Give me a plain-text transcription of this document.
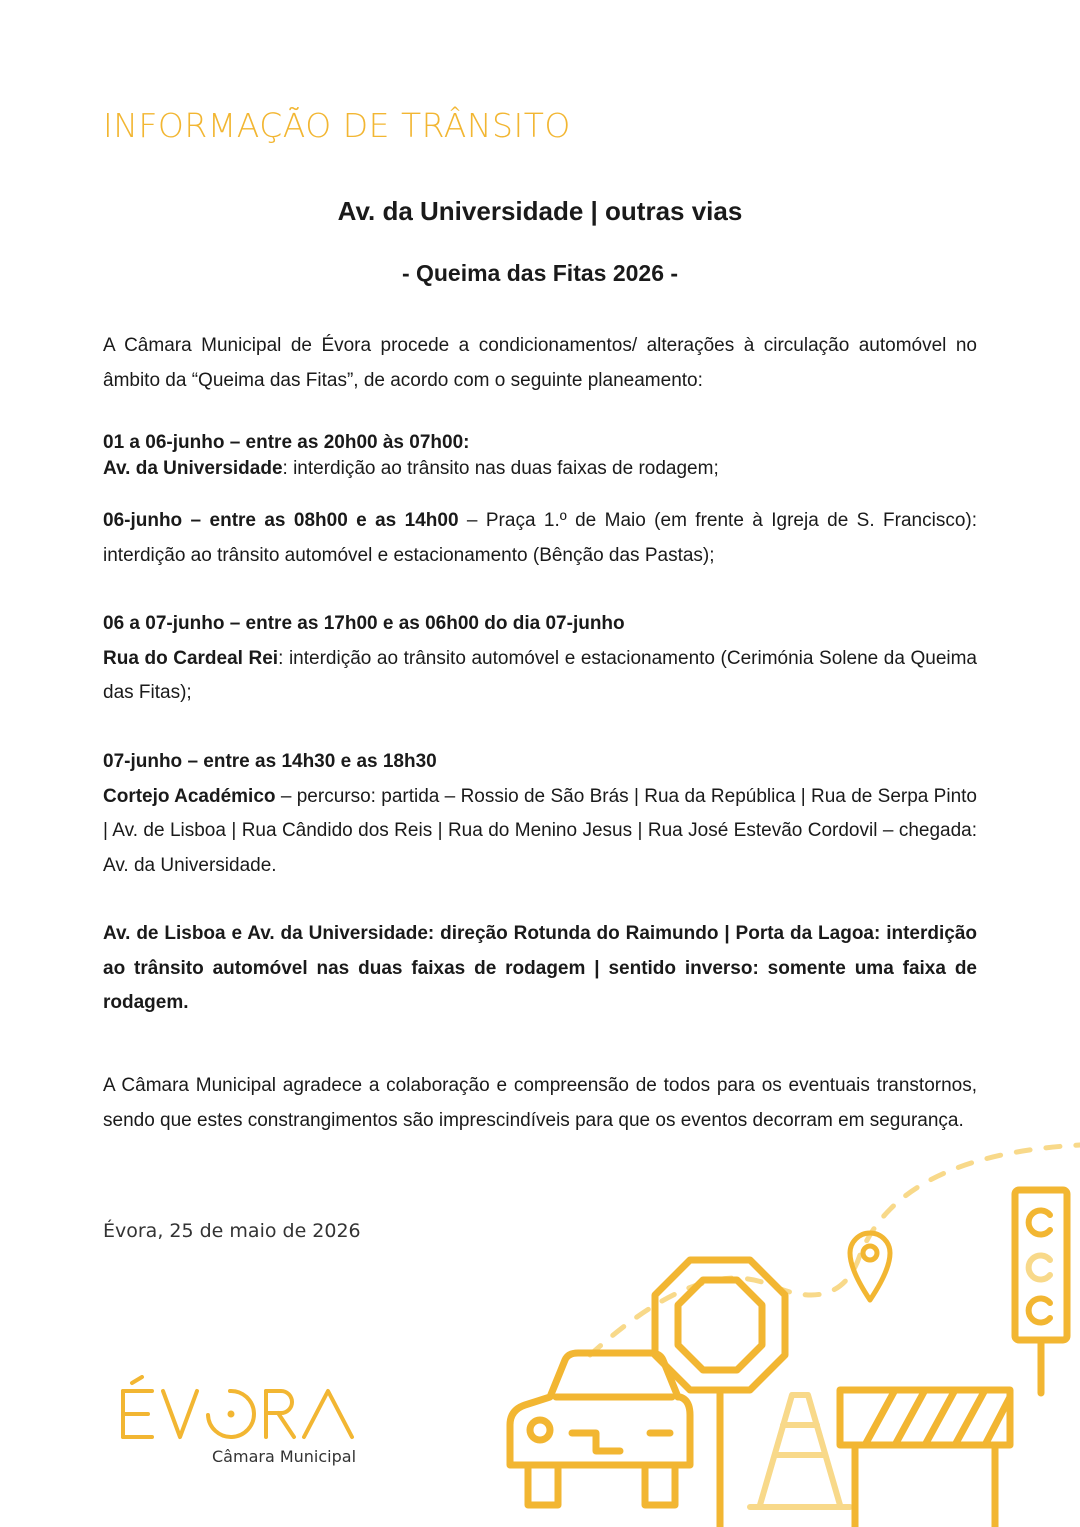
INFORMAÇÃO DE TRÂNSITO
Av. da Universidade | outras vias
- Queima das Fitas 2026 -
A Câmara Municipal de Évora procede a condicionamentos/ alterações à circulação automóvel no âmbito da “Queima das Fitas”, de acordo com o seguinte planeamento:
01 a 06-junho – entre as 20h00 às 07h00:
Av. da Universidade: interdição ao trânsito nas duas faixas de rodagem;
06-junho – entre as 08h00 e as 14h00 – Praça 1.º de Maio (em frente à Igreja de S. Francisco): interdição ao trânsito automóvel e estacionamento (Bênção das Pastas);
06 a 07-junho – entre as 17h00 e as 06h00 do dia 07-junho
Rua do Cardeal Rei: interdição ao trânsito automóvel e estacionamento (Cerimónia Solene da Queima das Fitas);
07-junho – entre as 14h30 e as 18h30
Cortejo Académico – percurso: partida – Rossio de São Brás | Rua da República | Rua de Serpa Pinto | Av. de Lisboa | Rua Cândido dos Reis | Rua do Menino Jesus | Rua José Estevão Cordovil – chegada: Av. da Universidade.
Av. de Lisboa e Av. da Universidade: direção Rotunda do Raimundo | Porta da Lagoa: interdição ao trânsito automóvel nas duas faixas de rodagem | sentido inverso: somente uma faixa de rodagem.
A Câmara Municipal agradece a colaboração e compreensão de todos para os eventuais transtornos, sendo que estes constrangimentos são imprescindíveis para que os eventos decorram em segurança.
Évora, 25 de maio de 2026
Câmara Municipal
